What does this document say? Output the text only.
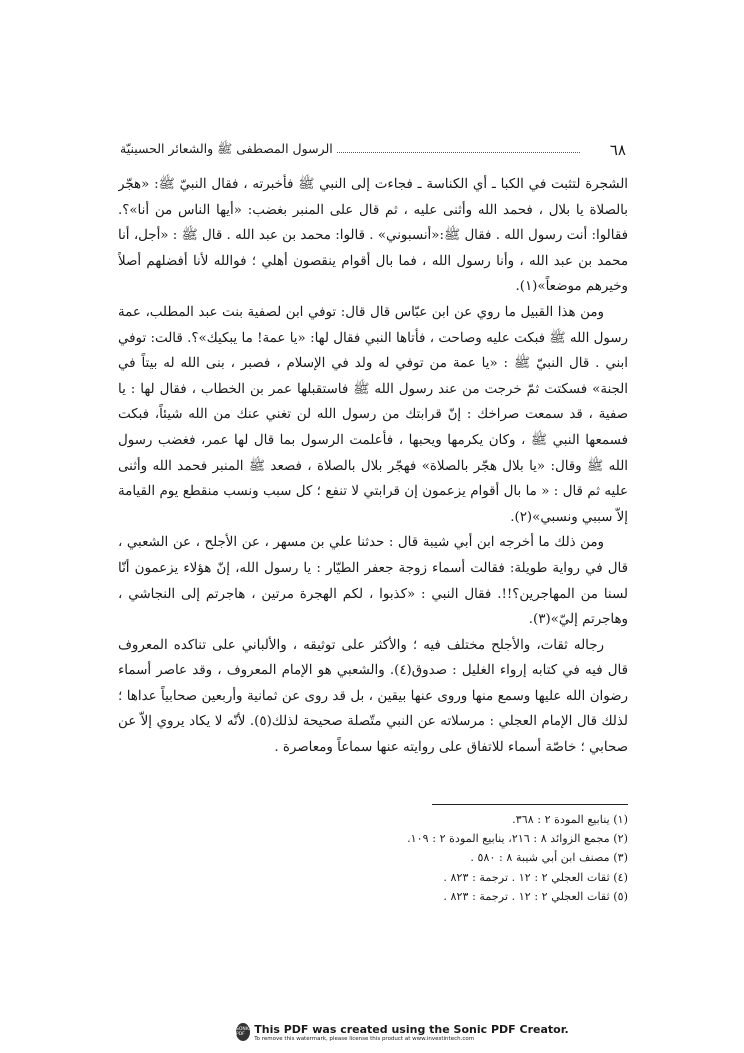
٦٨
الرسول المصطفى ﷺ والشعائر الحسينيّة

الشجرة لتثبت في الكبا ـ أي الكناسة ـ فجاءت إلى النبي ﷺ فأخبرته ، فقال النبيّ ﷺ: «هجّر بالصلاة يا بلال ، فحمد الله وأثنى عليه ، ثم قال على المنبر بغضب: «أيها الناس من أنا»؟. فقالوا: أنت رسول الله . فقال ﷺ:«أنسبوني» . قالوا: محمد بن عبد الله . قال ﷺ : «أجل، أنا محمد بن عبد الله ، وأنا رسول الله ، فما بال أقوام ينقصون أهلي ؛ فوالله لأنا أفضلهم أصلاً وخيرهم موضعاً»(١).

ومن هذا القبيل ما روي عن ابن عبّاس قال قال: توفي ابن لصفية بنت عبد المطلب، عمة رسول الله ﷺ فبكت عليه وصاحت ، فأتاها النبي فقال لها: «يا عمة! ما يبكيك»؟. قالت: توفي ابني . قال النبيّ ﷺ : «يا عمة من توفي له ولد في الإسلام ، فصبر ، بنى الله له بيتاً في الجنة» فسكتت ثمّ خرجت من عند رسول الله ﷺ فاستقبلها عمر بن الخطاب ، فقال لها : يا صفية ، قد سمعت صراخك : إنّ قرابتك من رسول الله لن تغني عنك من الله شيئاً، فبكت فسمعها النبي ﷺ ، وكان يكرمها ويحبها ، فأعلمت الرسول بما قال لها عمر، فغضب رسول الله ﷺ وقال: «يا بلال هجّر بالصلاة» فهجّر بلال بالصلاة ، فصعد ﷺ المنبر فحمد الله وأثنى عليه ثم قال : « ما بال أقوام يزعمون إن قرابتي لا تنفع ؛ كل سبب ونسب منقطع يوم القيامة إلاّ سببي ونسبي»(٢).

ومن ذلك ما أخرجه ابن أبي شيبة قال : حدثنا علي بن مسهر ، عن الأجلح ، عن الشعبي ، قال في رواية طويلة: فقالت أسماء زوجة جعفر الطيّار : يا رسول الله، إنّ هؤلاء يزعمون أنّا لسنا من المهاجرين؟!!. فقال النبي : «كذبوا ، لكم الهجرة مرتين ، هاجرتم إلى النجاشي ، وهاجرتم إليّ»(٣).

رجاله ثقات، والأجلح مختلف فيه ؛ والأكثر على توثيقه ، والألباني على تناكده المعروف قال فيه في كتابه إرواء الغليل : صدوق(٤). والشعبي هو الإمام المعروف ، وقد عاصر أسماء رضوان الله عليها وسمع منها وروى عنها بيقين ، بل قد روى عن ثمانية وأربعين صحابياً عداها ؛ لذلك قال الإمام العجلي : مرسلاته عن النبي متّصلة صحيحة لذلك(٥). لأنّه لا يكاد يروي إلاّ عن صحابي ؛ خاصّة أسماء للاتفاق على روايته عنها سماعاً ومعاصرة .

(١) ينابيع المودة ٢ : ٣٦٨.
(٢) مجمع الزوائد ٨ : ٢١٦، ينابيع المودة ٢ : ١٠٩.
(٣) مصنف ابن أبي شيبة ٨ : ٥٨٠ .
(٤) ثقات العجلي ٢ : ١٢ . ترجمة : ٨٢٣ .
(٥) ثقات العجلي ٢ : ١٢ . ترجمة : ٨٢٣ .
SONIC PDF This PDF was created using the Sonic PDF Creator.
To remove this watermark, please license this product at www.investintech.com
